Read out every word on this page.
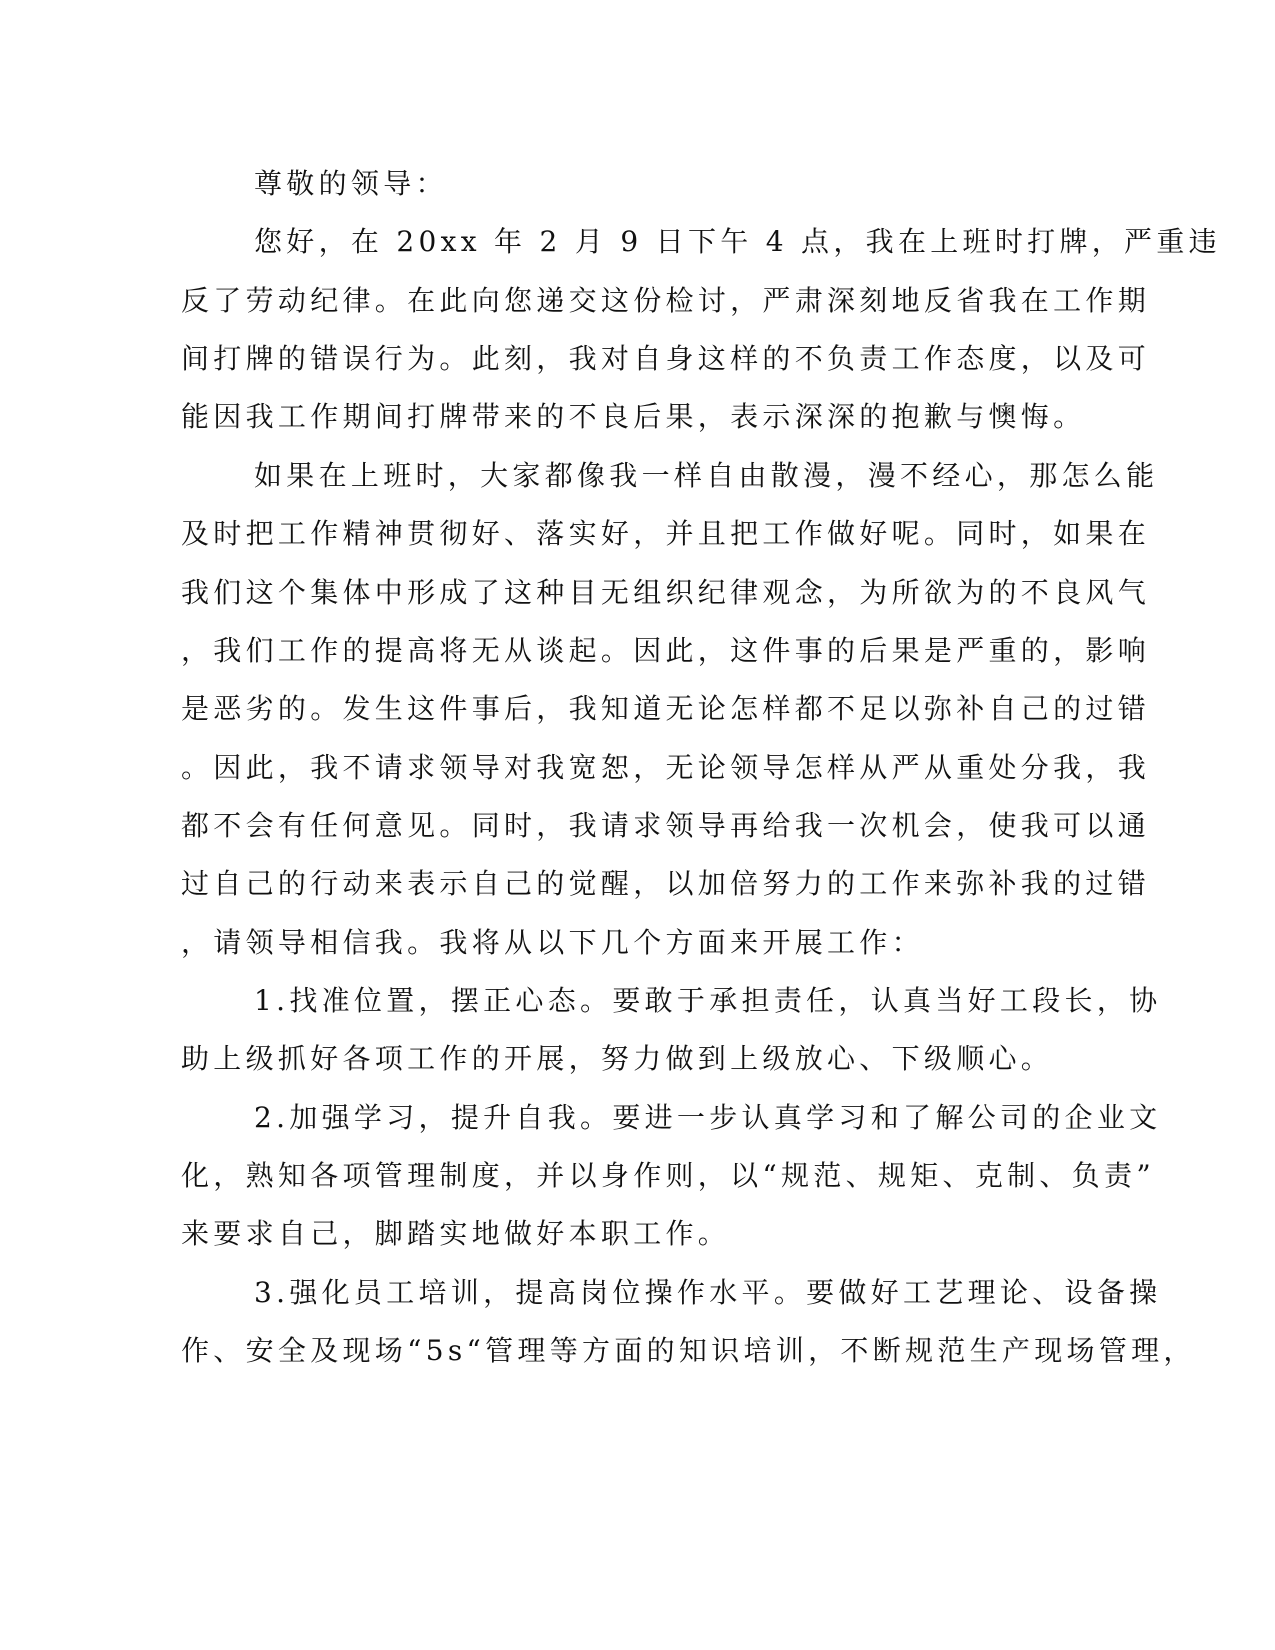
尊敬的领导：
您好，在 20xx 年 2 月 9 日下午 4 点，我在上班时打牌，严重违
反了劳动纪律。在此向您递交这份检讨，严肃深刻地反省我在工作期
间打牌的错误行为。此刻，我对自身这样的不负责工作态度，以及可
能因我工作期间打牌带来的不良后果，表示深深的抱歉与懊悔。
如果在上班时，大家都像我一样自由散漫，漫不经心，那怎么能
及时把工作精神贯彻好、落实好，并且把工作做好呢。同时，如果在
我们这个集体中形成了这种目无组织纪律观念，为所欲为的不良风气
，我们工作的提高将无从谈起。因此，这件事的后果是严重的，影响
是恶劣的。发生这件事后，我知道无论怎样都不足以弥补自己的过错
。因此，我不请求领导对我宽恕，无论领导怎样从严从重处分我，我
都不会有任何意见。同时，我请求领导再给我一次机会，使我可以通
过自己的行动来表示自己的觉醒，以加倍努力的工作来弥补我的过错
，请领导相信我。我将从以下几个方面来开展工作：
1.找准位置，摆正心态。要敢于承担责任，认真当好工段长，协
助上级抓好各项工作的开展，努力做到上级放心、下级顺心。
2.加强学习，提升自我。要进一步认真学习和了解公司的企业文
化，熟知各项管理制度，并以身作则，以“规范、规矩、克制、负责”
来要求自己，脚踏实地做好本职工作。
3.强化员工培训，提高岗位操作水平。要做好工艺理论、设备操
作、安全及现场“5s“管理等方面的知识培训，不断规范生产现场管理，
